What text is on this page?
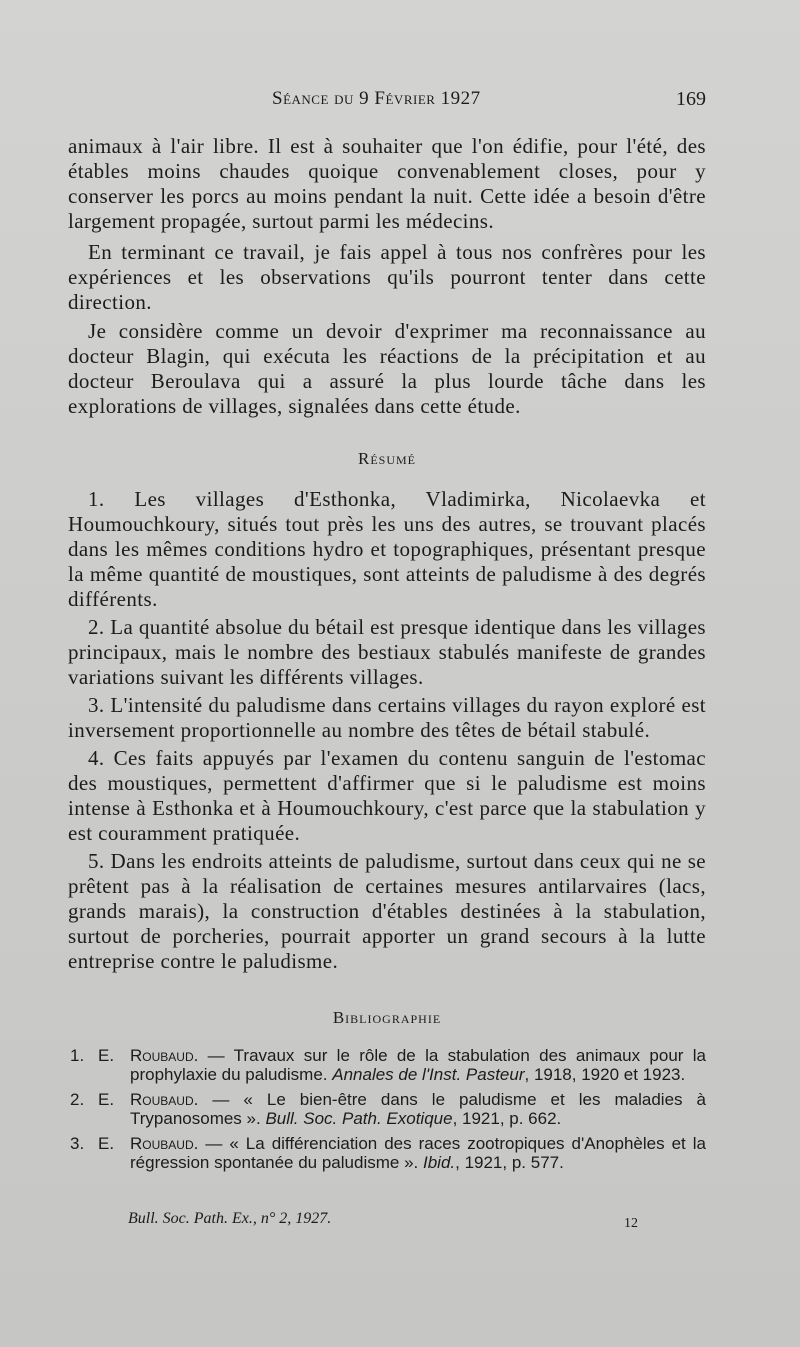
Séance du 9 Février 1927	169

animaux à l'air libre. Il est à souhaiter que l'on édifie, pour l'été, des étables moins chaudes quoique convenablement closes, pour y conserver les porcs au moins pendant la nuit. Cette idée a besoin d'être largement propagée, surtout parmi les médecins.

En terminant ce travail, je fais appel à tous nos confrères pour les expériences et les observations qu'ils pourront tenter dans cette direction.

Je considère comme un devoir d'exprimer ma reconnaissance au docteur Blagin, qui exécuta les réactions de la précipitation et au docteur Beroulava qui a assuré la plus lourde tâche dans les explorations de villages, signalées dans cette étude.

Résumé

1. Les villages d'Esthonka, Vladimirka, Nicolaevka et Houmouchkoury, situés tout près les uns des autres, se trouvant placés dans les mêmes conditions hydro et topographiques, présentant presque la même quantité de moustiques, sont atteints de paludisme à des degrés différents.

2. La quantité absolue du bétail est presque identique dans les villages principaux, mais le nombre des bestiaux stabulés manifeste de grandes variations suivant les différents villages.

3. L'intensité du paludisme dans certains villages du rayon exploré est inversement proportionnelle au nombre des têtes de bétail stabulé.

4. Ces faits appuyés par l'examen du contenu sanguin de l'estomac des moustiques, permettent d'affirmer que si le paludisme est moins intense à Esthonka et à Houmouchkoury, c'est parce que la stabulation y est couramment pratiquée.

5. Dans les endroits atteints de paludisme, surtout dans ceux qui ne se prêtent pas à la réalisation de certaines mesures antilarvaires (lacs, grands marais), la construction d'étables destinées à la stabulation, surtout de porcheries, pourrait apporter un grand secours à la lutte entreprise contre le paludisme.

Bibliographie
1. E. Roubaud. — Travaux sur le rôle de la stabulation des animaux pour la prophylaxie du paludisme. Annales de l'Inst. Pasteur, 1918, 1920 et 1923.
2. E. Roubaud. — « Le bien-être dans le paludisme et les maladies à Trypanosomes ». Bull. Soc. Path. Exotique, 1921, p. 662.
3. E. Roubaud. — « La différenciation des races zootropiques d'Anophèles et la régression spontanée du paludisme ». Ibid., 1921, p. 577.
Bull. Soc. Path. Ex., n° 2, 1927.	12
